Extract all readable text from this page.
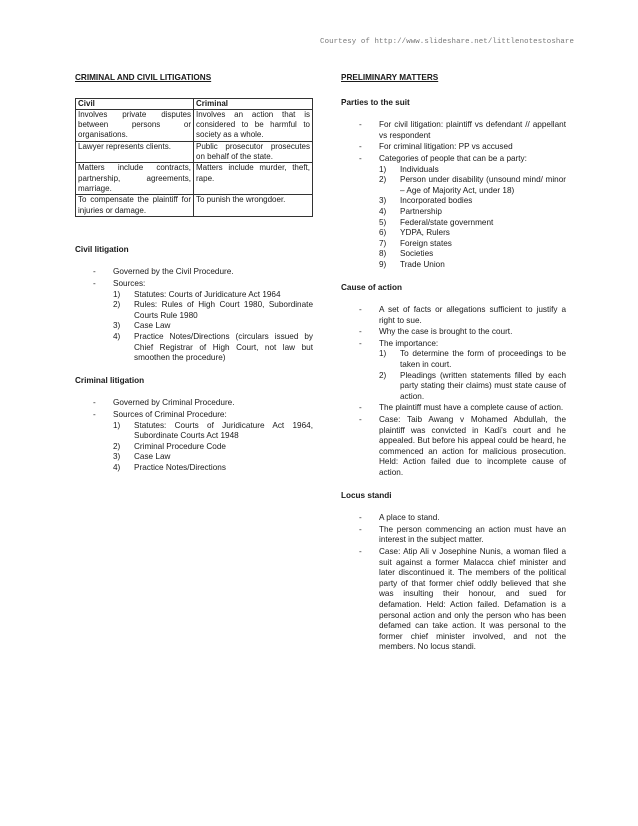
Courtesy of http://www.slideshare.net/littlenotestoshare
CRIMINAL AND CIVIL LITIGATIONS
Civil	Criminal
Involves private disputes between persons or organisations.	Involves an action that is considered to be harmful to society as a whole.
Lawyer represents clients.	Public prosecutor prosecutes on behalf of the state.
Matters include contracts, partnership, agreements, marriage.	Matters include murder, theft, rape.
To compensate the plaintiff for injuries or damage.	To punish the wrongdoer.
Civil litigation
- Governed by the Civil Procedure.
- Sources:
1) Statutes: Courts of Juridicature Act 1964
2) Rules: Rules of High Court 1980, Subordinate Courts Rule 1980
3) Case Law
4) Practice Notes/Directions (circulars issued by Chief Registrar of High Court, not law but smoothen the procedure)
Criminal litigation
- Governed by Criminal Procedure.
- Sources of Criminal Procedure:
1) Statutes: Courts of Juridicature Act 1964, Subordinate Courts Act 1948
2) Criminal Procedure Code
3) Case Law
4) Practice Notes/Directions
PRELIMINARY MATTERS
Parties to the suit
- For civil litigation: plaintiff vs defendant // appellant vs respondent
- For criminal litigation: PP vs accused
- Categories of people that can be a party:
1) Individuals
2) Person under disability (unsound mind/ minor – Age of Majority Act, under 18)
3) Incorporated bodies
4) Partnership
5) Federal/state government
6) YDPA, Rulers
7) Foreign states
8) Societies
9) Trade Union
Cause of action
- A set of facts or allegations sufficient to justify a right to sue.
- Why the case is brought to the court.
- The importance:
1) To determine the form of proceedings to be taken in court.
2) Pleadings (written statements filled by each party stating their claims) must state cause of action.
- The plaintiff must have a complete cause of action.
- Case: Taib Awang v Mohamed Abdullah, the plaintiff was convicted in Kadi’s court and he appealed. But before his appeal could be heard, he commenced an action for malicious prosecution. Held: Action failed due to incomplete cause of action.
Locus standi
- A place to stand.
- The person commencing an action must have an interest in the subject matter.
- Case: Atip Ali v Josephine Nunis, a woman filed a suit against a former Malacca chief minister and later discontinued it. The members of the political party of that former chief oddly believed that she was insulting their honour, and sued for defamation. Held: Action failed. Defamation is a personal action and only the person who has been defamed can take action. It was personal to the former chief minister involved, and not the members. No locus standi.
